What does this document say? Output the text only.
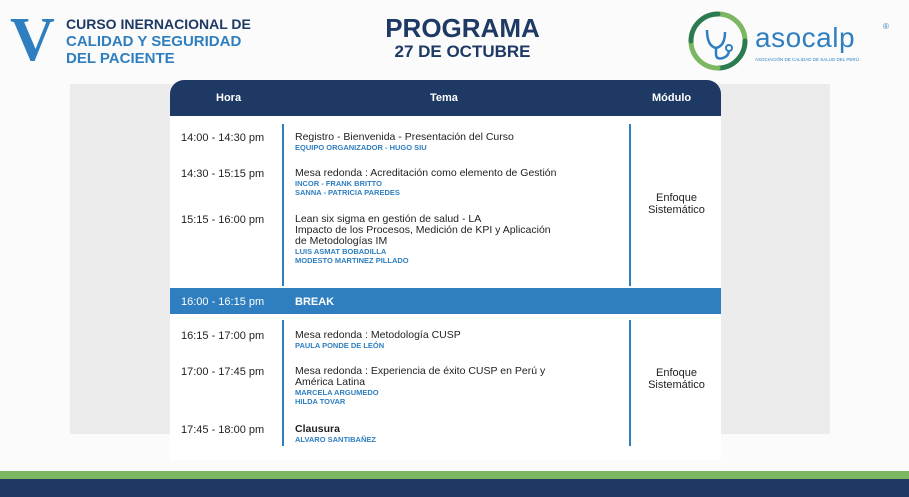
V CURSO INERNACIONAL DE
CALIDAD Y SEGURIDAD
DEL PACIENTE
PROGRAMA
27 DE OCTUBRE	asocalp	®
ASOCIACIÓN DE CALIDAD DE SALUD DEL PERÚ
Hora	Tema	Módulo
14:00 - 14:30 pm	Registro - Bienvenida - Presentación del Curso
EQUIPO ORGANIZADOR - HUGO SIU
14:30 - 15:15 pm	Mesa redonda : Acreditación como elemento de Gestión
INCOR - FRANK BRITTO
SANNA - PATRICIA PAREDES
15:15 - 16:00 pm	Lean six sigma en gestión de salud - LA
Impacto de los Procesos, Medición de KPI y Aplicación
de Metodologías IM
LUIS ASMAT BOBADILLA
MODESTO MARTINEZ PILLADO
Enfoque
Sistemático
16:00 - 16:15 pm	BREAK
16:15 - 17:00 pm	Mesa redonda : Metodología CUSP
PAULA PONDE DE LEÓN
17:00 - 17:45 pm	Mesa redonda : Experiencia de éxito CUSP en Perú y
América Latina
MARCELA ARGUMEDO
HILDA TOVAR
17:45 - 18:00 pm	Clausura
ALVARO SANTIBAÑEZ
Enfoque
Sistemático
